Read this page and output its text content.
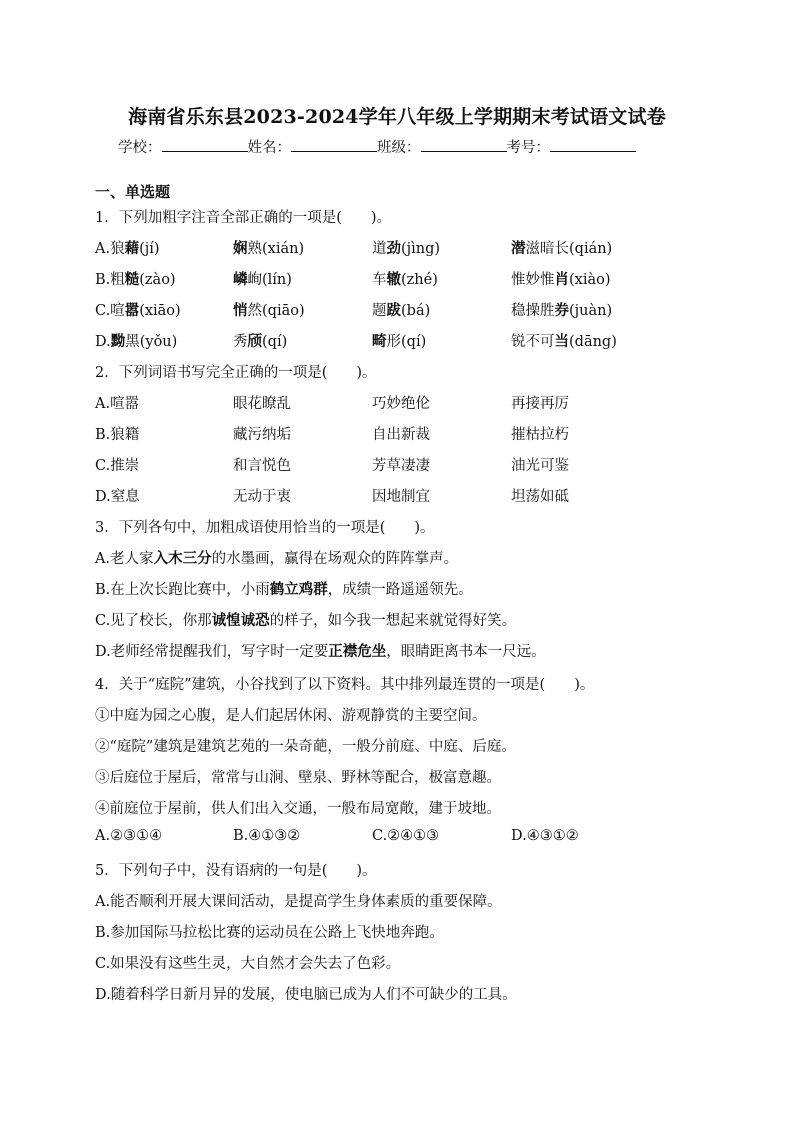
海南省乐东县2023-2024学年八年级上学期期末考试语文试卷
学校：	姓名：	班级：	考号：
一、单选题
1．下列加粗字注音全部正确的一项是(　　)。
A.狼藉(jí)	娴熟(xián)	道劲(jìng)	潜滋暗长(qián)
B.粗糙(zào)	嶙峋(lín)	车辙(zhé)	惟妙惟肖(xiào)
C.喧嚣(xiāo)	悄然(qiāo)	题跋(bá)	稳操胜券(juàn)
D.黝黑(yǒu)	秀颀(qí)	畸形(qí)	锐不可当(dāng)
2．下列词语书写完全正确的一项是(　　)。
A.喧嚣	眼花瞭乱	巧妙绝伦	再接再厉
B.狼籍	藏污纳垢	自出新裁	摧枯拉朽
C.推崇	和言悦色	芳草凄凄	油光可鉴
D.窒息	无动于衷	因地制宜	坦荡如砥
3．下列各句中，加粗成语使用恰当的一项是(　　)。
A.老人家入木三分的水墨画，赢得在场观众的阵阵掌声。
B.在上次长跑比赛中，小雨鹤立鸡群，成绩一路遥遥领先。
C.见了校长，你那诚惶诚恐的样子，如今我一想起来就觉得好笑。
D.老师经常提醒我们，写字时一定要正襟危坐，眼睛距离书本一尺远。
4．关于“庭院”建筑，小谷找到了以下资料。其中排列最连贯的一项是(　　)。
①中庭为园之心腹，是人们起居休闲、游观静赏的主要空间。
②“庭院”建筑是建筑艺苑的一朵奇葩，一般分前庭、中庭、后庭。
③后庭位于屋后，常常与山涧、壁泉、野林等配合，极富意趣。
④前庭位于屋前，供人们出入交通，一般布局宽敞，建于坡地。
A.②③①④	B.④①③②	C.②④①③	D.④③①②
5．下列句子中，没有语病的一句是(　　)。
A.能否顺利开展大课间活动，是提高学生身体素质的重要保障。
B.参加国际马拉松比赛的运动员在公路上飞快地奔跑。
C.如果没有这些生灵，大自然才会失去了色彩。
D.随着科学日新月异的发展，使电脑已成为人们不可缺少的工具。
